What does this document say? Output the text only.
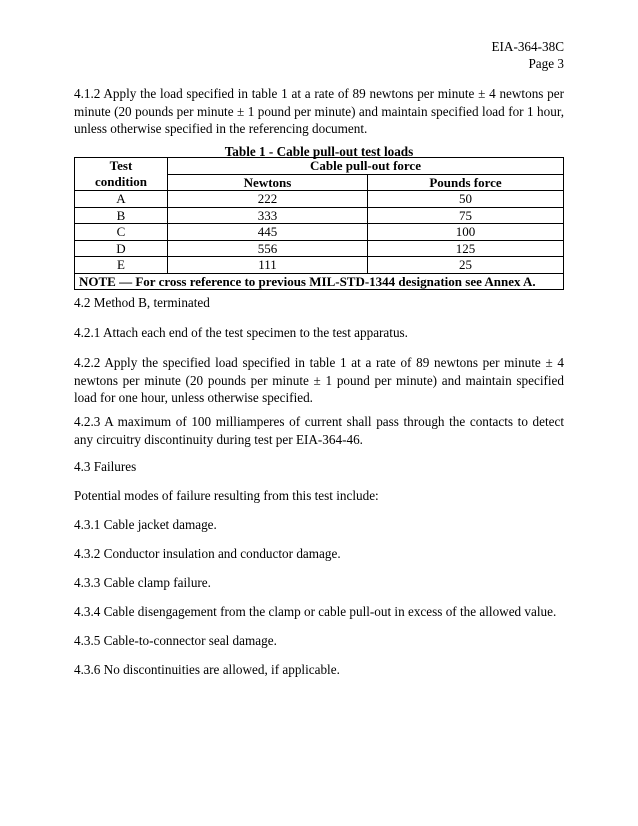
EIA-364-38C
Page 3

4.1.2 Apply the load specified in table 1 at a rate of 89 newtons per minute ± 4 newtons per minute (20 pounds per minute ± 1 pound per minute) and maintain specified load for 1 hour, unless otherwise specified in the referencing document.

Table 1 - Cable pull-out test loads
Test	Cable pull-out force	
condition	Newtons	Pounds force
A	222	50
B	333	75
C	445	100
D	556	125
E	111	25
NOTE — For cross reference to previous MIL-STD-1344 designation see Annex A.		

4.2 Method B, terminated

4.2.1 Attach each end of the test specimen to the test apparatus.

4.2.2 Apply the specified load specified in table 1 at a rate of 89 newtons per minute ± 4 newtons per minute (20 pounds per minute ± 1 pound per minute) and maintain specified load for one hour, unless otherwise specified.

4.2.3 A maximum of 100 milliamperes of current shall pass through the contacts to detect any circuitry discontinuity during test per EIA-364-46.

4.3 Failures

Potential modes of failure resulting from this test include:

4.3.1 Cable jacket damage.

4.3.2 Conductor insulation and conductor damage.

4.3.3 Cable clamp failure.

4.3.4 Cable disengagement from the clamp or cable pull-out in excess of the allowed value.

4.3.5 Cable-to-connector seal damage.

4.3.6 No discontinuities are allowed, if applicable.
